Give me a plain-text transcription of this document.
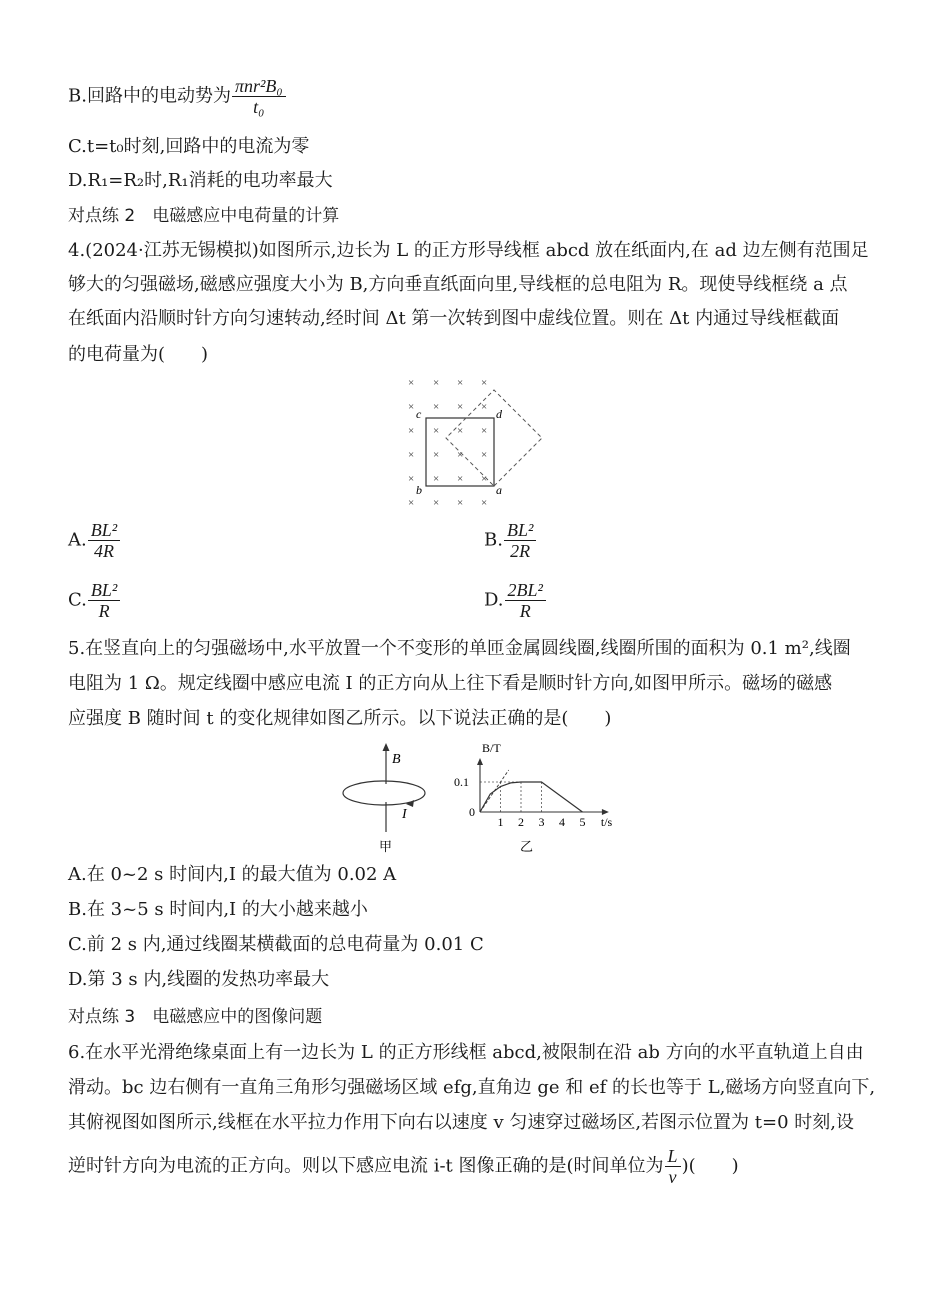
B.回路中的电动势为 $\frac{\text{πnr²B₀}}{\text{t₀}}$
C.t=t₀时刻,回路中的电流为零
D.R₁=R₂时,R₁消耗的电功率最大
对点练 2　电磁感应中电荷量的计算
4.(2024·江苏无锡模拟)如图所示,边长为 L 的正方形导线框 abcd 放在纸面内,在 ad 边左侧有范围足
够大的匀强磁场,磁感应强度大小为 B,方向垂直纸面向里,导线框的总电阻为 R。现使导线框绕 a 点
在纸面内沿顺时针方向匀速转动,经时间 Δt 第一次转到图中虚线位置。则在 Δt 内通过导线框截面
的电荷量为(　　)
× × × ×
× × × ×
× × × ×
× × × ×
× × × ×
× × × ×
c	d
b	a
A. $\frac{\text{BL²}}{4R}$	B. $\frac{\text{BL²}}{2R}$
C. $\frac{\text{BL²}}{R}$	D. $\frac{\text{2BL²}}{R}$
5.在竖直向上的匀强磁场中,水平放置一个不变形的单匝金属圆线圈,线圈所围的面积为 0.1 m²,线圈
电阻为 1 Ω。规定线圈中感应电流 I 的正方向从上往下看是顺时针方向,如图甲所示。磁场的磁感
应强度 B 随时间 t 的变化规律如图乙所示。以下说法正确的是(　　)
B
I
甲
B/T
t/s
0
1 2 3 4 5
0.1
乙
A.在 0~2 s 时间内,I 的最大值为 0.02 A
B.在 3~5 s 时间内,I 的大小越来越小
C.前 2 s 内,通过线圈某横截面的总电荷量为 0.01 C
D.第 3 s 内,线圈的发热功率最大
对点练 3　电磁感应中的图像问题
6.在水平光滑绝缘桌面上有一边长为 L 的正方形线框 abcd,被限制在沿 ab 方向的水平直轨道上自由
滑动。bc 边右侧有一直角三角形匀强磁场区域 efg,直角边 ge 和 ef 的长也等于 L,磁场方向竖直向下,
其俯视图如图所示,线框在水平拉力作用下向右以速度 v 匀速穿过磁场区,若图示位置为 t=0 时刻,设
逆时针方向为电流的正方向。则以下感应电流 i-t 图像正确的是(时间单位为 $\frac{L}{v}$ )(　　)
